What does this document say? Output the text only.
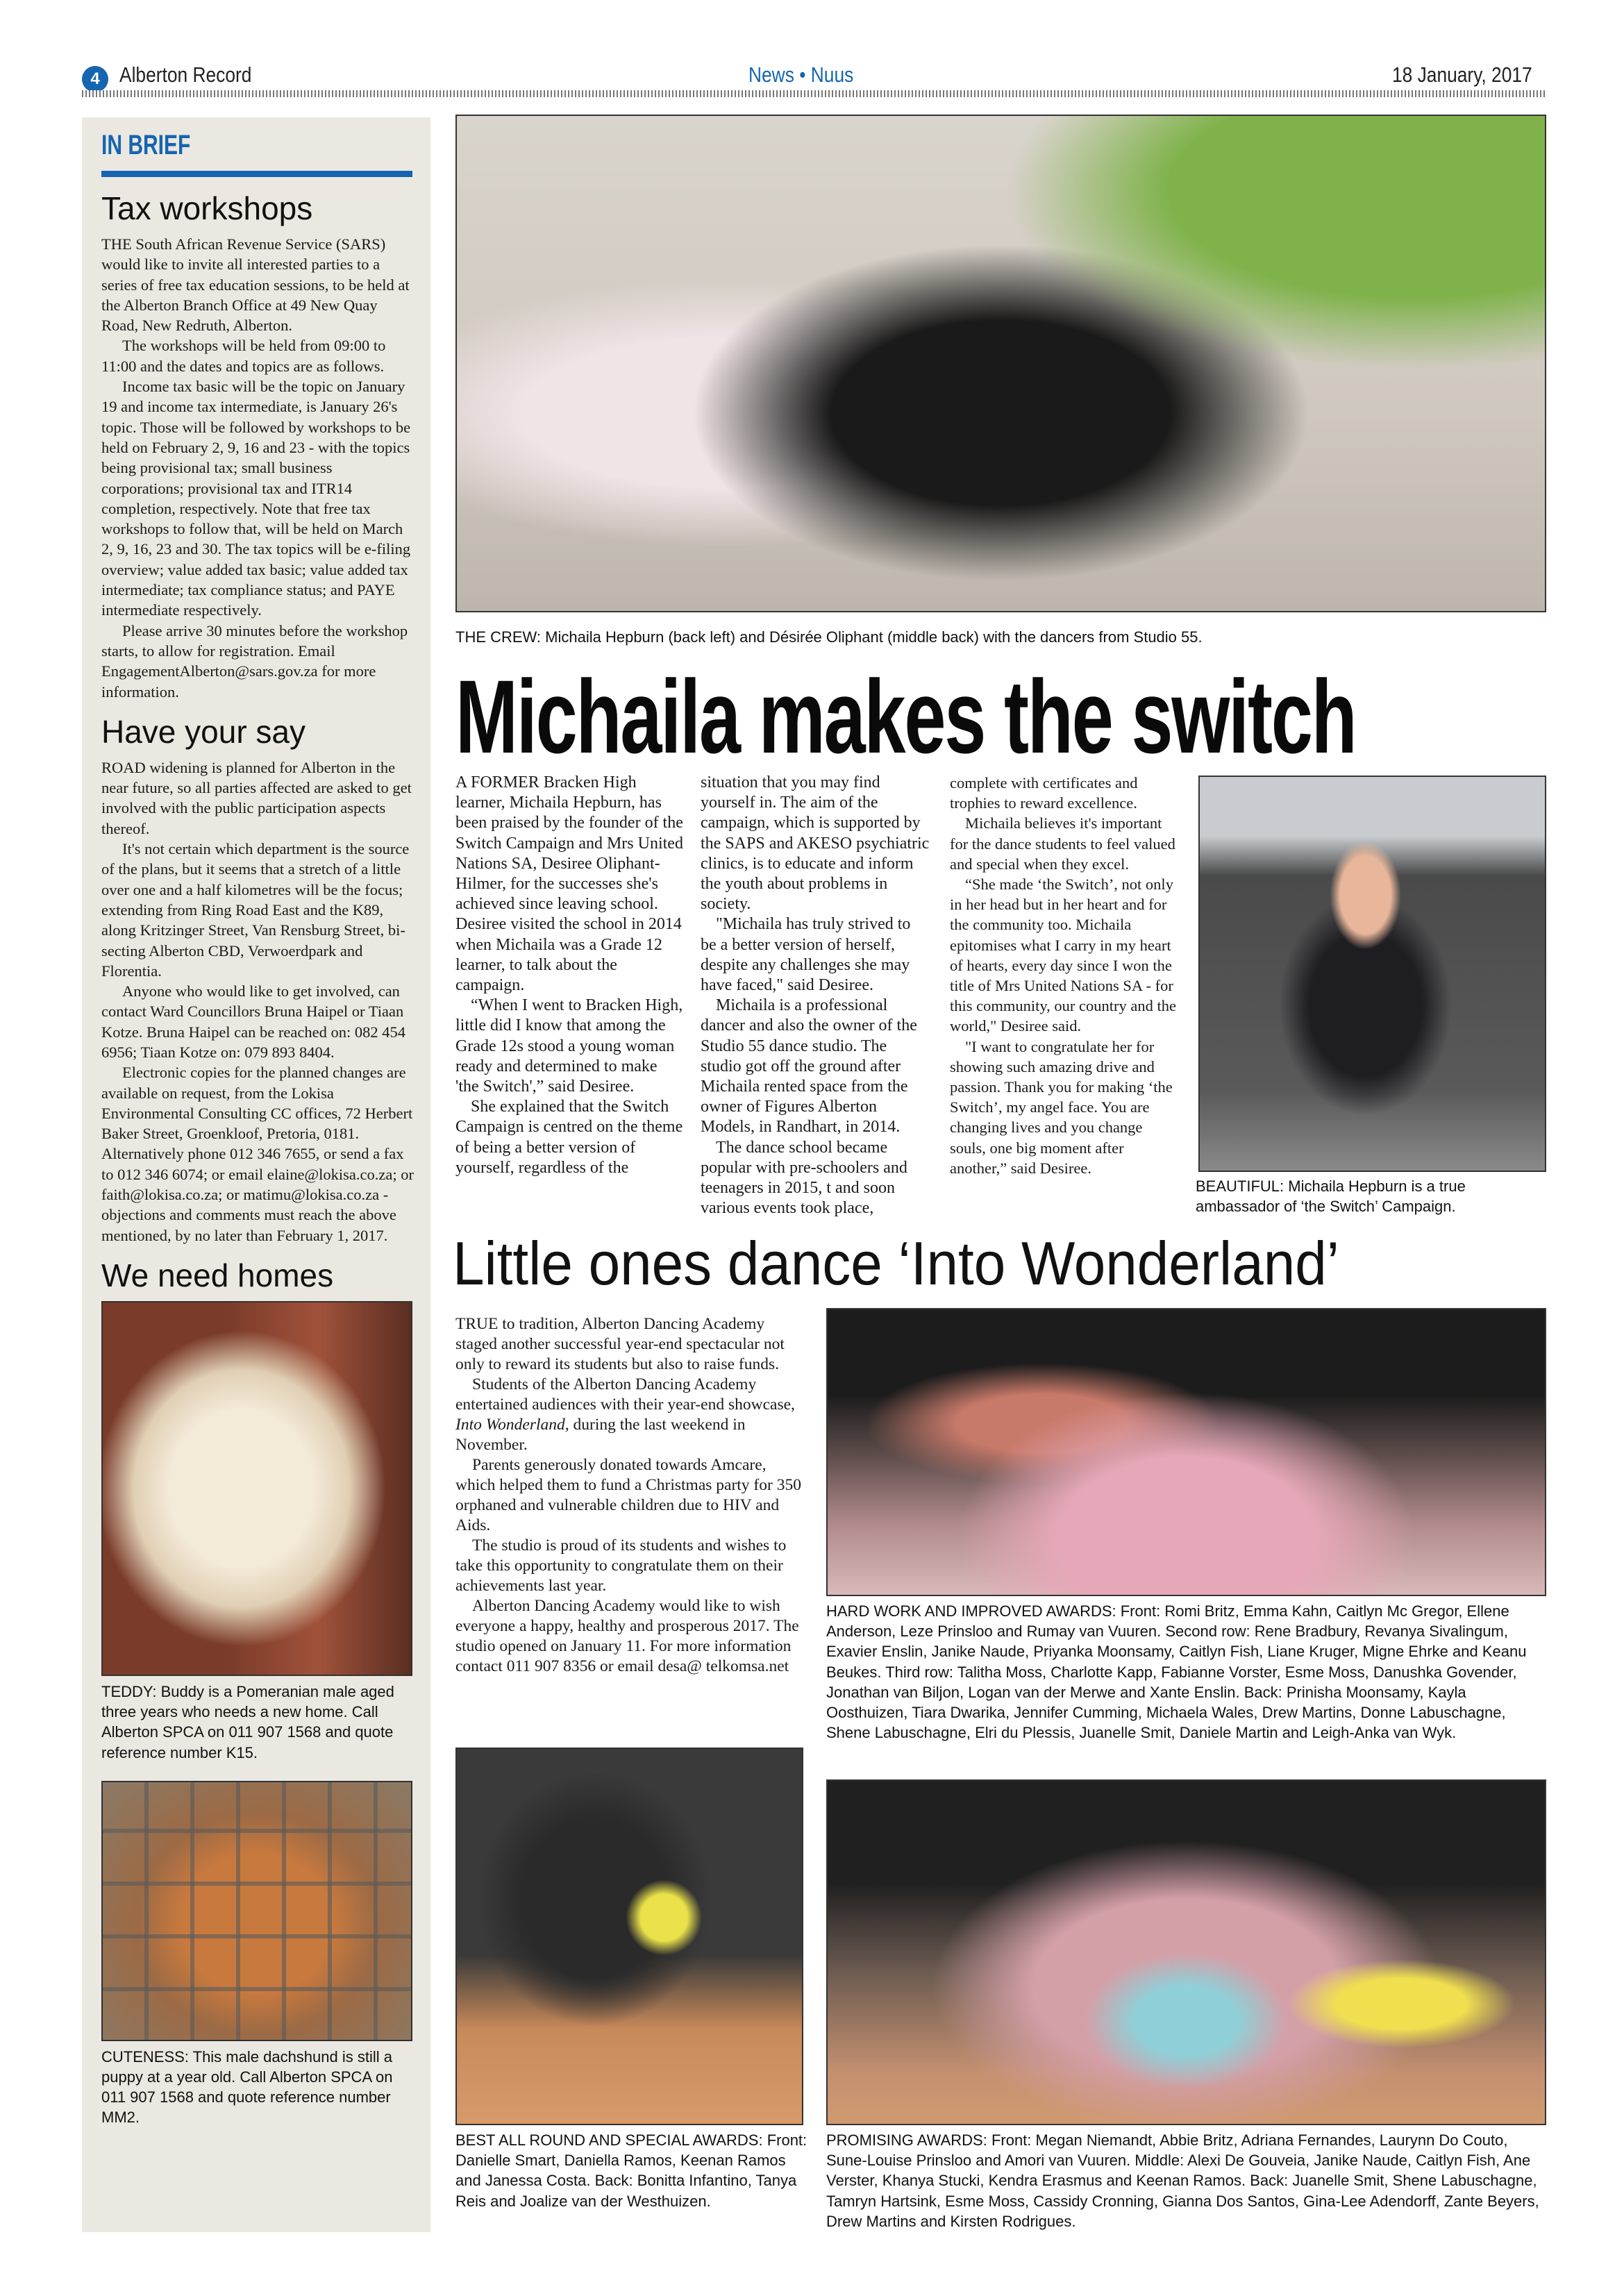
4 Alberton Record	News • Nuus	18 January, 2017
IN BRIEF
Tax workshops

THE South African Revenue Service (SARS) would like to invite all interested parties to a series of free tax education sessions, to be held at the Alberton Branch Office at 49 New Quay Road, New Redruth, Alberton.

The workshops will be held from 09:00 to 11:00 and the dates and topics are as follows.

Income tax basic will be the topic on January 19 and income tax intermediate, is January 26's topic. Those will be followed by workshops to be held on February 2, 9, 16 and 23 - with the topics being provisional tax; small business corporations; provisional tax and ITR14 completion, respectively. Note that free tax workshops to follow that, will be held on March 2, 9, 16, 23 and 30. The tax topics will be e-filing overview; value added tax basic; value added tax intermediate; tax compliance status; and PAYE intermediate respectively.

Please arrive 30 minutes before the workshop starts, to allow for registration. Email EngagementAlberton@sars.gov.za for more information.

Have your say

ROAD widening is planned for Alberton in the near future, so all parties affected are asked to get involved with the public participation aspects thereof.

It's not certain which department is the source of the plans, but it seems that a stretch of a little over one and a half kilometres will be the focus; extending from Ring Road East and the K89, along Kritzinger Street, Van Rensburg Street, bi-secting Alberton CBD, Verwoerdpark and Florentia.

Anyone who would like to get involved, can contact Ward Councillors Bruna Haipel or Tiaan Kotze. Bruna Haipel can be reached on: 082 454 6956; Tiaan Kotze on: 079 893 8404.

Electronic copies for the planned changes are available on request, from the Lokisa Environmental Consulting CC offices, 72 Herbert Baker Street, Groenkloof, Pretoria, 0181. Alternatively phone 012 346 7655, or send a fax to 012 346 6074; or email elaine@lokisa.co.za; or faith@lokisa.co.za; or matimu@lokisa.co.za - objections and comments must reach the above mentioned, by no later than February 1, 2017.

We need homes
TEDDY: Buddy is a Pomeranian male aged three years who needs a new home. Call Alberton SPCA on 011 907 1568 and quote reference number K15.
CUTENESS: This male dachshund is still a puppy at a year old. Call Alberton SPCA on 011 907 1568 and quote reference number MM2.
THE CREW: Michaila Hepburn (back left) and Désirée Oliphant (middle back) with the dancers from Studio 55.
Michaila makes the switch

A FORMER Bracken High learner, Michaila Hepburn, has been praised by the founder of the Switch Campaign and Mrs United Nations SA, Desiree Oliphant-Hilmer, for the successes she's achieved since leaving school. Desiree visited the school in 2014 when Michaila was a Grade 12 learner, to talk about the campaign.

“When I went to Bracken High, little did I know that among the Grade 12s stood a young woman ready and determined to make 'the Switch',” said Desiree.

She explained that the Switch Campaign is centred on the theme of being a better version of yourself, regardless of the

situation that you may find yourself in. The aim of the campaign, which is supported by the SAPS and AKESO psychiatric clinics, is to educate and inform the youth about problems in society.

"Michaila has truly strived to be a better version of herself, despite any challenges she may have faced," said Desiree.

Michaila is a professional dancer and also the owner of the Studio 55 dance studio. The studio got off the ground after Michaila rented space from the owner of Figures Alberton Models, in Randhart, in 2014.

The dance school became popular with pre-schoolers and teenagers in 2015, t and soon various events took place,

complete with certificates and trophies to reward excellence.

Michaila believes it's important for the dance students to feel valued and special when they excel.

“She made ‘the Switch’, not only in her head but in her heart and for the community too. Michaila epitomises what I carry in my heart of hearts, every day since I won the title of Mrs United Nations SA - for this community, our country and the world," Desiree said.

"I want to congratulate her for showing such amazing drive and passion. Thank you for making ‘the Switch’, my angel face. You are changing lives and you change souls, one big moment after another,” said Desiree.

BEAUTIFUL: Michaila Hepburn is a true ambassador of ‘the Switch’ Campaign.
Little ones dance ‘Into Wonderland’

TRUE to tradition, Alberton Dancing Academy staged another successful year-end spectacular not only to reward its students but also to raise funds.

Students of the Alberton Dancing Academy entertained audiences with their year-end showcase, Into Wonderland, during the last weekend in November.

Parents generously donated towards Amcare, which helped them to fund a Christmas party for 350 orphaned and vulnerable children due to HIV and Aids.

The studio is proud of its students and wishes to take this opportunity to congratulate them on their achievements last year.

Alberton Dancing Academy would like to wish everyone a happy, healthy and prosperous 2017. The studio opened on January 11. For more information contact 011 907 8356 or email desa@ telkomsa.net

HARD WORK AND IMPROVED AWARDS: Front: Romi Britz, Emma Kahn, Caitlyn Mc Gregor, Ellene Anderson, Leze Prinsloo and Rumay van Vuuren. Second row: Rene Bradbury, Revanya Sivalingum, Exavier Enslin, Janike Naude, Priyanka Moonsamy, Caitlyn Fish, Liane Kruger, Migne Ehrke and Keanu Beukes. Third row: Talitha Moss, Charlotte Kapp, Fabianne Vorster, Esme Moss, Danushka Govender, Jonathan van Biljon, Logan van der Merwe and Xante Enslin. Back: Prinisha Moonsamy, Kayla Oosthuizen, Tiara Dwarika, Jennifer Cumming, Michaela Wales, Drew Martins, Donne Labuschagne, Shene Labuschagne, Elri du Plessis, Juanelle Smit, Daniele Martin and Leigh-Anka van Wyk.
BEST ALL ROUND AND SPECIAL AWARDS: Front: Danielle Smart, Daniella Ramos, Keenan Ramos and Janessa Costa. Back: Bonitta Infantino, Tanya Reis and Joalize van der Westhuizen.
PROMISING AWARDS: Front: Megan Niemandt, Abbie Britz, Adriana Fernandes, Laurynn Do Couto, Sune-Louise Prinsloo and Amori van Vuuren. Middle: Alexi De Gouveia, Janike Naude, Caitlyn Fish, Ane Verster, Khanya Stucki, Kendra Erasmus and Keenan Ramos. Back: Juanelle Smit, Shene Labuschagne, Tamryn Hartsink, Esme Moss, Cassidy Cronning, Gianna Dos Santos, Gina-Lee Adendorff, Zante Beyers, Drew Martins and Kirsten Rodrigues.
